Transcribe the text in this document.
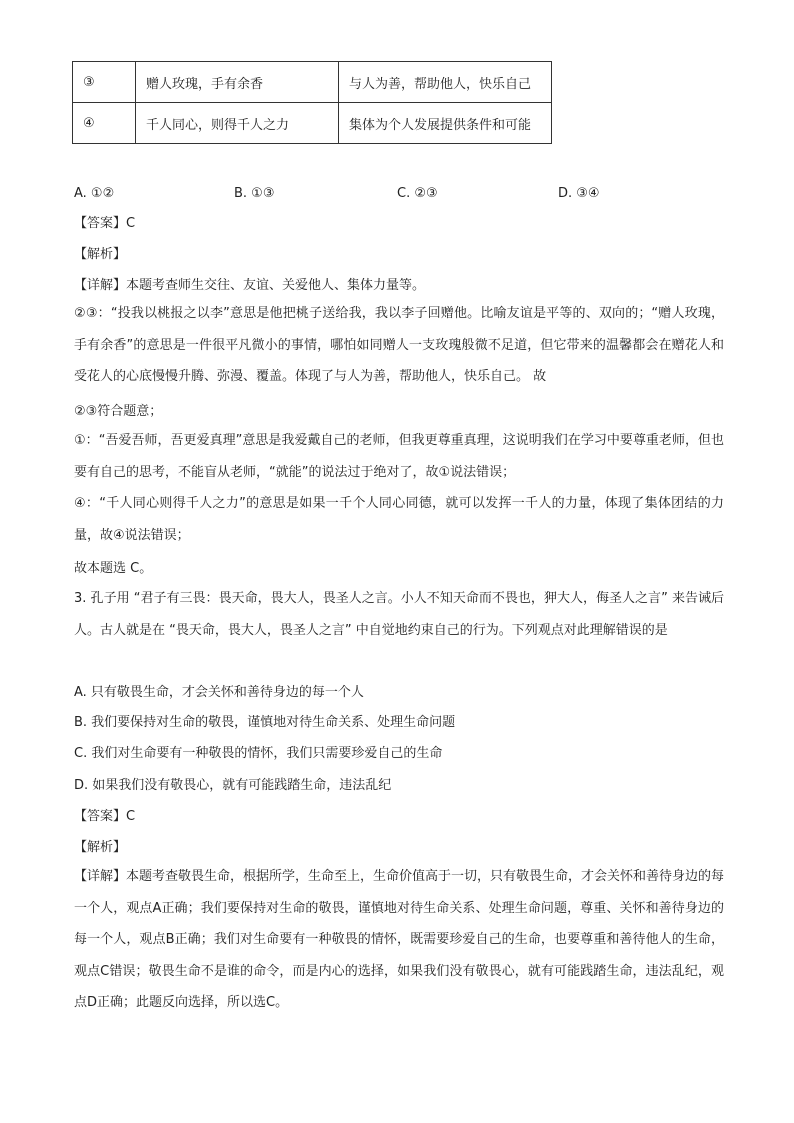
③	赠人玫瑰，手有余香	与人为善，帮助他人，快乐自己
④	千人同心，则得千人之力	集体为个人发展提供条件和可能
A. ①②	B. ①③	C. ②③	D. ③④
【答案】C
【解析】
【详解】本题考查师生交往、友谊、关爱他人、集体力量等。
②③：“投我以桃报之以李”意思是他把桃子送给我，我以李子回赠他。比喻友谊是平等的、双向的；“赠人玫瑰，手有余香”的意思是一件很平凡微小的事情，哪怕如同赠人一支玫瑰般微不足道，但它带来的温馨都会在赠花人和受花人的心底慢慢升腾、弥漫、覆盖。体现了与人为善，帮助他人，快乐自己。 故
②③符合题意；
①：“吾爱吾师，吾更爱真理”意思是我爱戴自己的老师，但我更尊重真理，这说明我们在学习中要尊重老师，但也要有自己的思考，不能盲从老师，“就能”的说法过于绝对了，故①说法错误；
④：“千人同心则得千人之力”的意思是如果一千个人同心同德，就可以发挥一千人的力量，体现了集体团结的力量，故④说法错误；
故本题选 C。
3. 孔子用 “君子有三畏：畏天命，畏大人，畏圣人之言。小人不知天命而不畏也，狎大人，侮圣人之言” 来告诫后人。古人就是在 “畏天命，畏大人，畏圣人之言” 中自觉地约束自己的行为。下列观点对此理解错误的是
A. 只有敬畏生命，才会关怀和善待身边的每一个人
B. 我们要保持对生命的敬畏，谨慎地对待生命关系、处理生命问题
C. 我们对生命要有一种敬畏的情怀，我们只需要珍爱自己的生命
D. 如果我们没有敬畏心，就有可能践踏生命，违法乱纪
【答案】C
【解析】
【详解】本题考查敬畏生命，根据所学，生命至上，生命价值高于一切，只有敬畏生命，才会关怀和善待身边的每一个人，观点A正确；我们要保持对生命的敬畏，谨慎地对待生命关系、处理生命问题，尊重、关怀和善待身边的每一个人，观点B正确；我们对生命要有一种敬畏的情怀，既需要珍爱自己的生命，也要尊重和善待他人的生命，观点C错误；敬畏生命不是谁的命令，而是内心的选择，如果我们没有敬畏心，就有可能践踏生命，违法乱纪，观点D正确；此题反向选择，所以选C。
